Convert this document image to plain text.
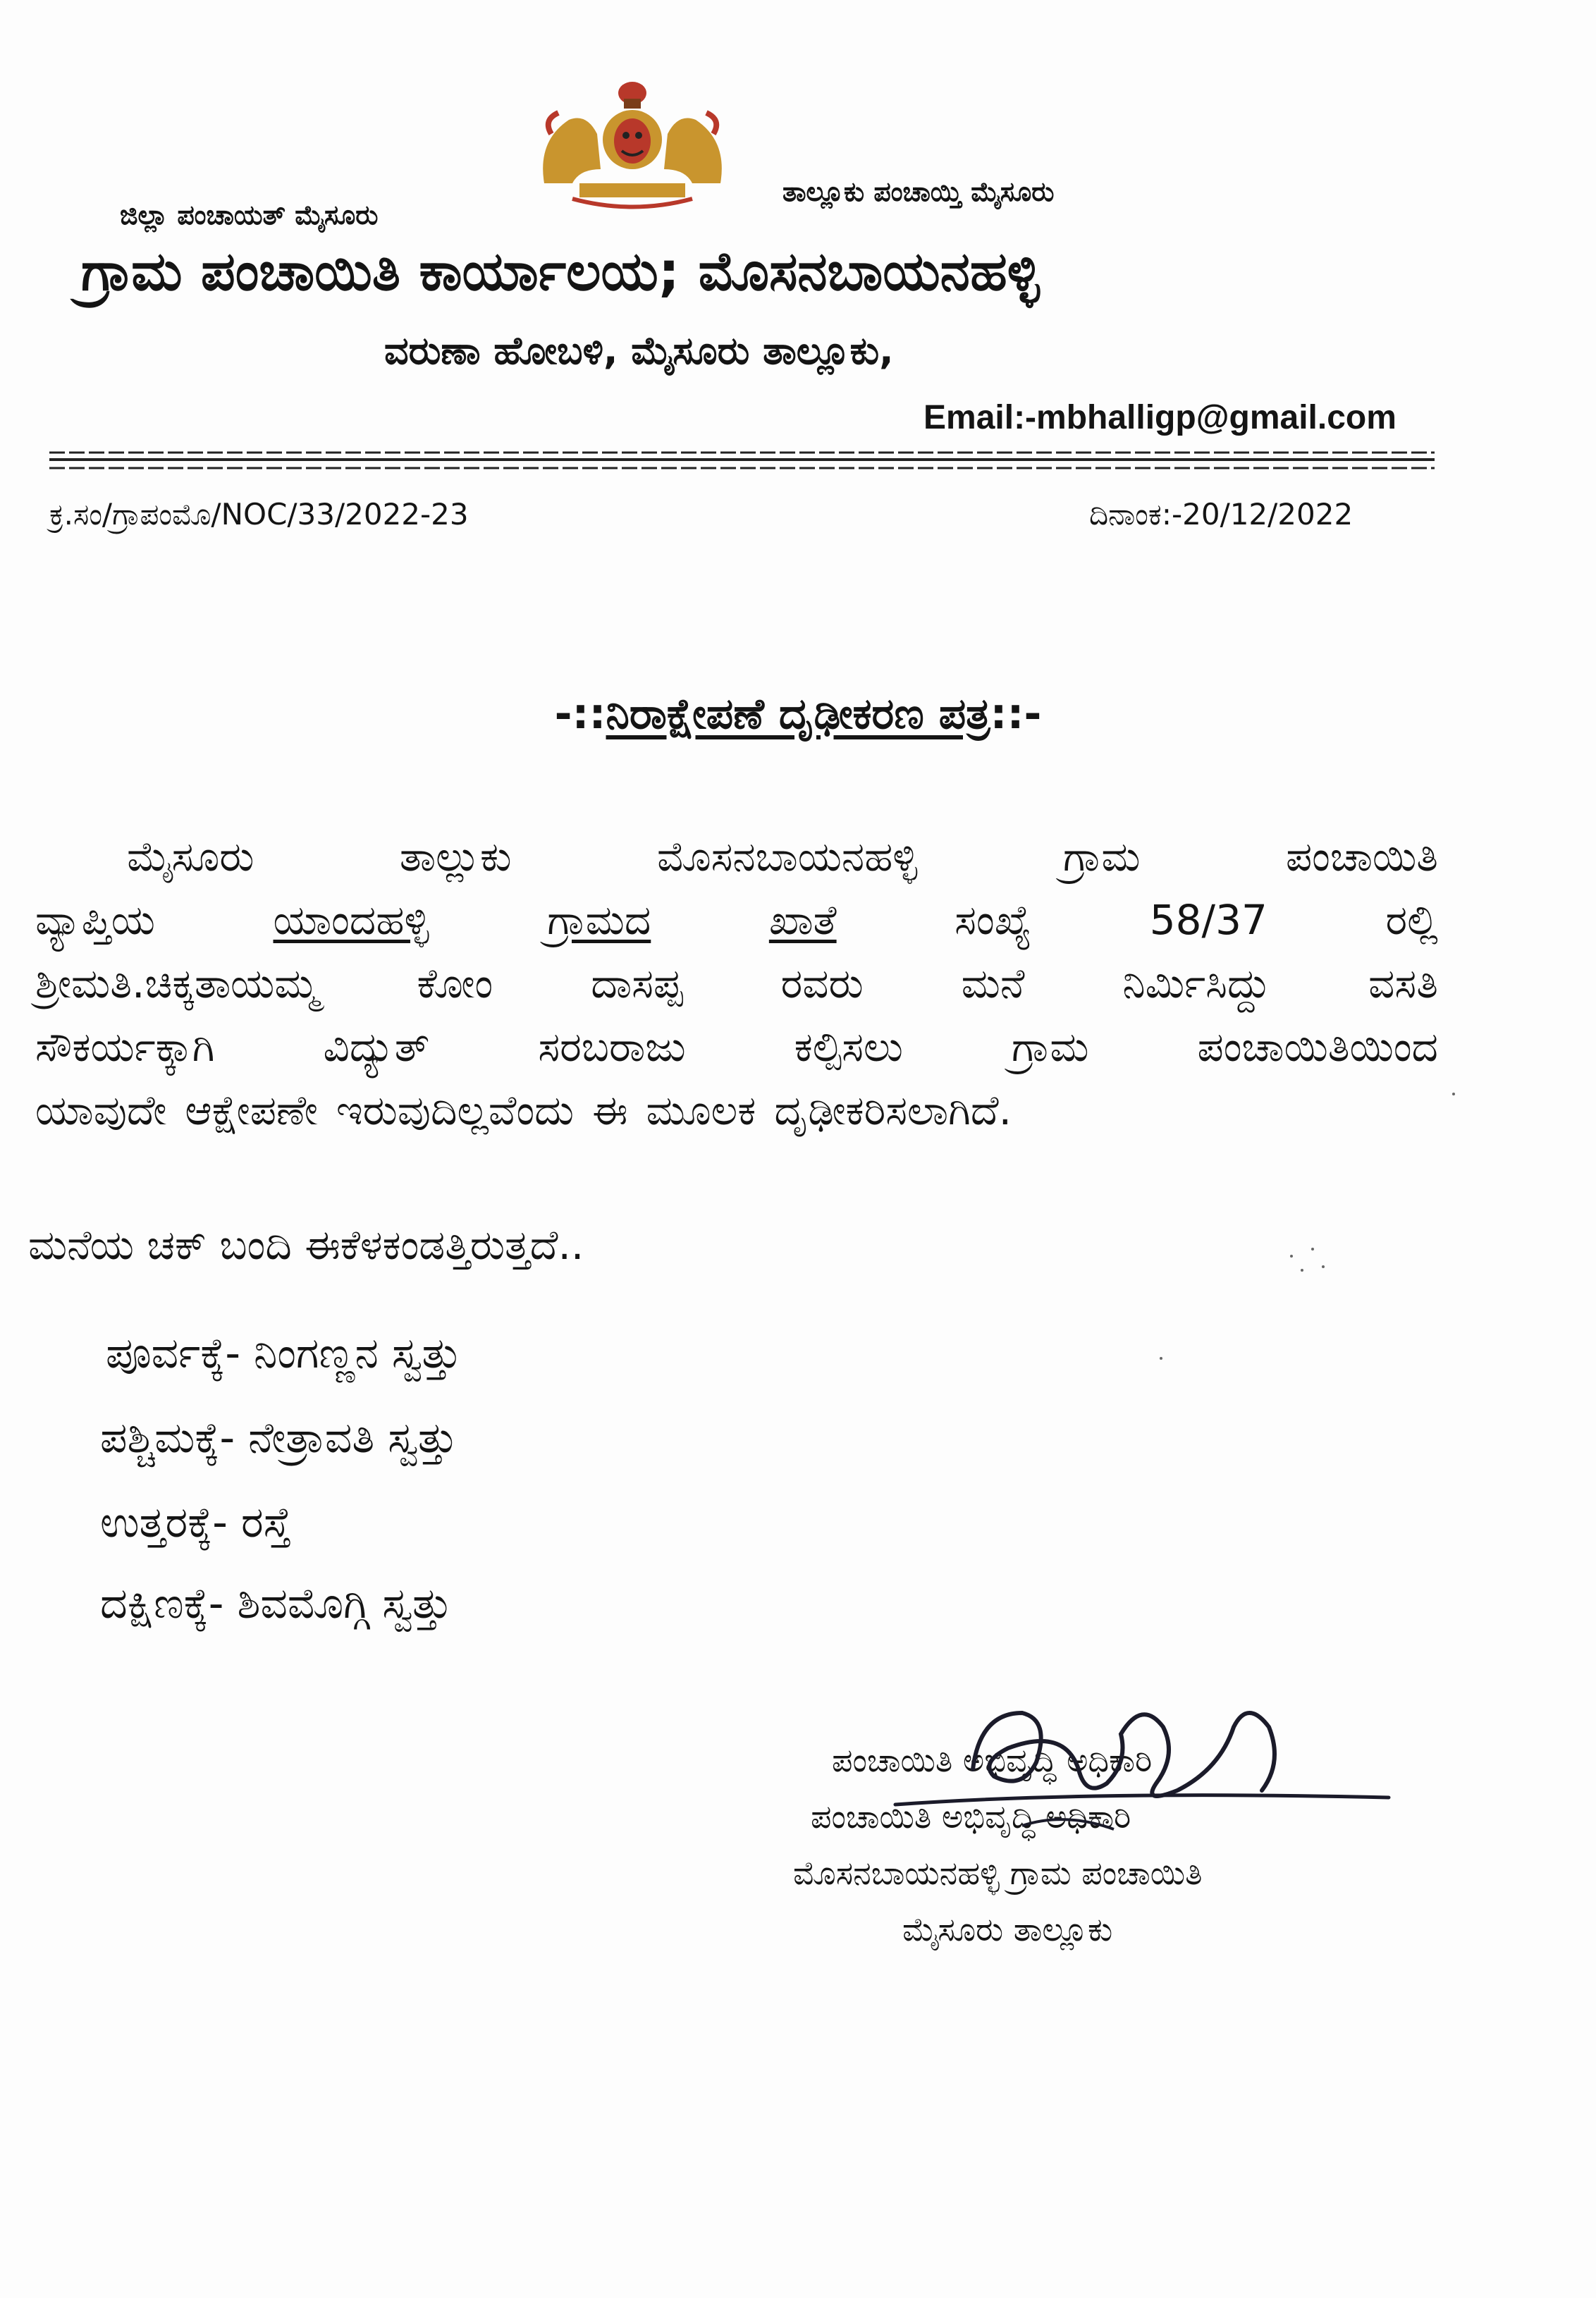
ಜಿಲ್ಲಾ ಪಂಚಾಯತ್ ಮೈಸೂರು
ತಾಲ್ಲೂಕು ಪಂಚಾಯ್ತಿ ಮೈಸೂರು
ಗ್ರಾಮ ಪಂಚಾಯಿತಿ ಕಾರ್ಯಾಲಯ; ಮೊಸನಬಾಯನಹಳ್ಳಿ
ವರುಣಾ ಹೋಬಳಿ, ಮೈಸೂರು ತಾಲ್ಲೂಕು,
Email:-mbhalligp@gmail.com
ಕ್ರ.ಸಂ/ಗ್ರಾಪಂಮೊ/NOC/33/2022-23	ದಿನಾಂಕ:-20/12/2022
-::ನಿರಾಕ್ಷೇಪಣೆ ದೃಢೀಕರಣ ಪತ್ರ::-
ಮೈಸೂರು	ತಾಲ್ಲುಕು	ಮೊಸನಬಾಯನಹಳ್ಳಿ	ಗ್ರಾಮ	ಪಂಚಾಯಿತಿ
ವ್ಯಾಪ್ತಿಯ	ಯಾಂದಹಳ್ಳಿ	ಗ್ರಾಮದ	ಖಾತೆ	ಸಂಖ್ಯೆ	58/37	ರಲ್ಲಿ
ಶ್ರೀಮತಿ.ಚಿಕ್ಕತಾಯಮ್ಮ ಕೋಂ ದಾಸಪ್ಪ ರವರು ಮನೆ ನಿರ್ಮಿಸಿದ್ದು ವಸತಿ
ಸೌಕರ್ಯಕ್ಕಾಗಿ	ವಿದ್ಯುತ್	ಸರಬರಾಜು	ಕಲ್ಪಿಸಲು	ಗ್ರಾಮ	ಪಂಚಾಯಿತಿಯಿಂದ
ಯಾವುದೇ ಆಕ್ಷೇಪಣೇ ಇರುವುದಿಲ್ಲವೆಂದು ಈ ಮೂಲಕ ದೃಢೀಕರಿಸಲಾಗಿದೆ.
ಮನೆಯ ಚಕ್ ಬಂದಿ ಈಕೆಳಕಂಡತ್ತಿರುತ್ತದೆ..
ಪೂರ್ವಕ್ಕೆ- ನಿಂಗಣ್ಣನ ಸ್ವತ್ತು
ಪಶ್ಚಿಮಕ್ಕೆ- ನೇತ್ರಾವತಿ ಸ್ವತ್ತು
ಉತ್ತರಕ್ಕೆ- ರಸ್ತೆ
ದಕ್ಷಿಣಕ್ಕೆ- ಶಿವಮೊಗ್ಗಿ ಸ್ವತ್ತು
ಪಂಚಾಯಿತಿ ಅಭಿವೃದ್ಧಿ ಅಧಿಕಾರಿ
ಪಂಚಾಯಿತಿ ಅಭಿವೃದ್ಧಿ ಅಧಿಕಾರಿ
ಮೊಸನಬಾಯನಹಳ್ಳಿ ಗ್ರಾಮ ಪಂಚಾಯಿತಿ
ಮೈಸೂರು ತಾಲ್ಲೂಕು
